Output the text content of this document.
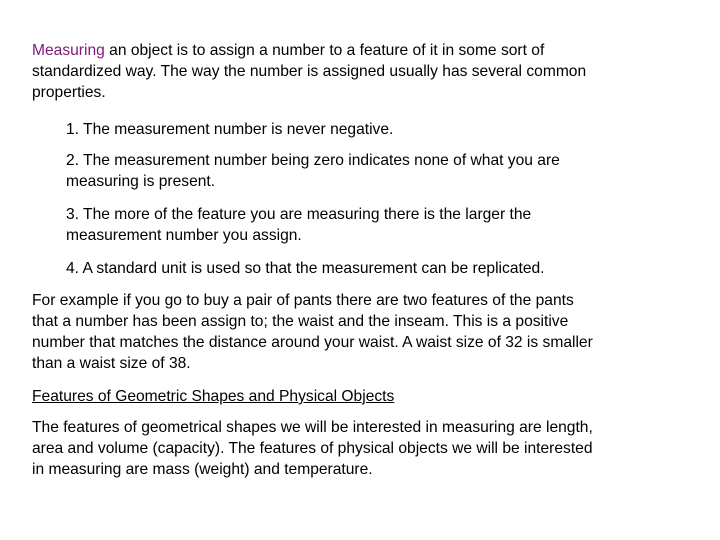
Measuring an object is to assign a number to a feature of it in some sort of
standardized way. The way the number is assigned usually has several common
properties.

1. The measurement number is never negative.

2. The measurement number being zero indicates none of what you are
measuring is present.

3. The more of the feature you are measuring there is the larger the
measurement number you assign.

4. A standard unit is used so that the measurement can be replicated.

For example if you go to buy a pair of pants there are two features of the pants
that a number has been assign to; the waist and the inseam. This is a positive
number that matches the distance around your waist. A waist size of 32 is smaller
than a waist size of 38.

Features of Geometric Shapes and Physical Objects

The features of geometrical shapes we will be interested in measuring are length,
area and volume (capacity). The features of physical objects we will be interested
in measuring are mass (weight) and temperature.
